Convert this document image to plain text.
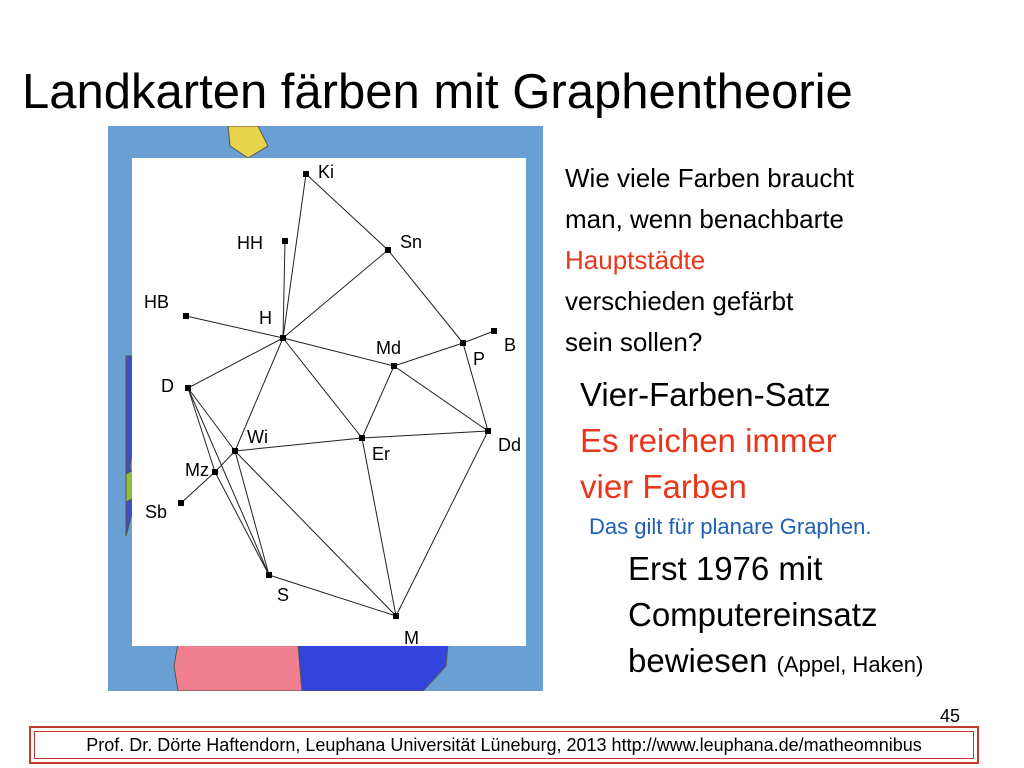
Landkarten färben mit Graphentheorie
Ki
HH	Sn
HB
H
Md
P
B
D
Wi
Er	Dd
Mz
Sb
S
M
Wie viele Farben braucht
man, wenn benachbarte
Hauptstädte
verschieden gefärbt
sein sollen?
Vier-Farben-Satz
Es reichen immer
vier Farben
Das gilt für planare Graphen.
Erst 1976 mit
Computereinsatz
bewiesen (Appel, Haken)
45
Prof. Dr. Dörte Haftendorn, Leuphana Universität Lüneburg, 2013 http://www.leuphana.de/matheomnibus
